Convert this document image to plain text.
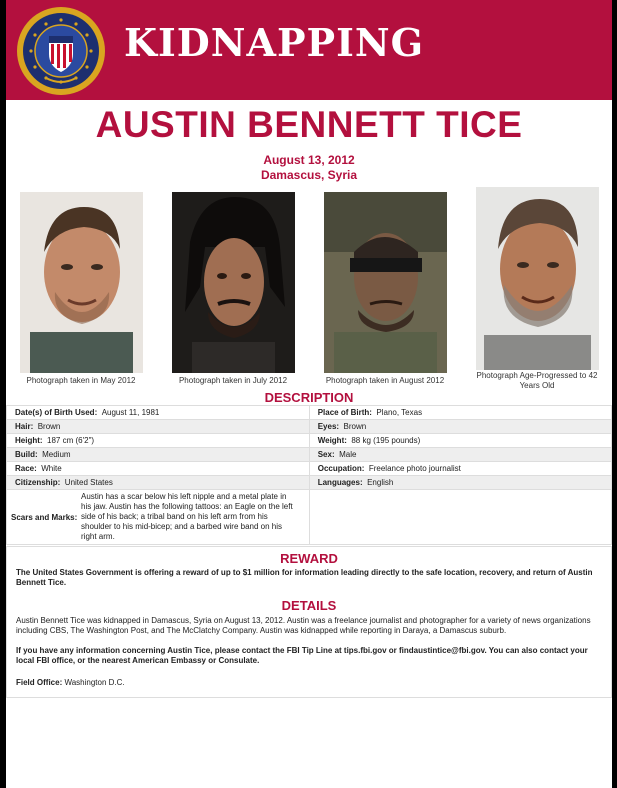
KIDNAPPING
AUSTIN BENNETT TICE
August 13, 2012
Damascus, Syria
Photograph taken in May 2012	Photograph taken in July 2012	Photograph taken in August 2012
Photograph Age-Progressed to 42 Years Old
DESCRIPTION
Date(s) of Birth Used: August 11, 1981	Place of Birth: Plano, Texas
Hair: Brown	Eyes: Brown
Height: 187 cm (6'2")	Weight: 88 kg (195 pounds)
Build: Medium	Sex: Male
Race: White	Occupation: Freelance photo journalist
Citizenship: United States	Languages: English
Scars and Marks:Austin has a scar below his left nipple and a metal plate in his jaw. Austin has the following tattoos: an Eagle on the left side of his back; a tribal band on his left arm from his shoulder to his mid-bicep; and a barbed wire band on his right arm.	
REWARD
The United States Government is offering a reward of up to $1 million for information leading directly to the safe location, recovery, and return of Austin Bennett Tice.
DETAILS
Austin Bennett Tice was kidnapped in Damascus, Syria on August 13, 2012. Austin was a freelance journalist and photographer for a variety of news organizations including CBS, The Washington Post, and The McClatchy Company. Austin was kidnapped while reporting in Daraya, a Damascus suburb.
If you have any information concerning Austin Tice, please contact the FBI Tip Line at tips.fbi.gov or findaustintice@fbi.gov. You can also contact your local FBI office, or the nearest American Embassy or Consulate.
Field Office: Washington D.C.
